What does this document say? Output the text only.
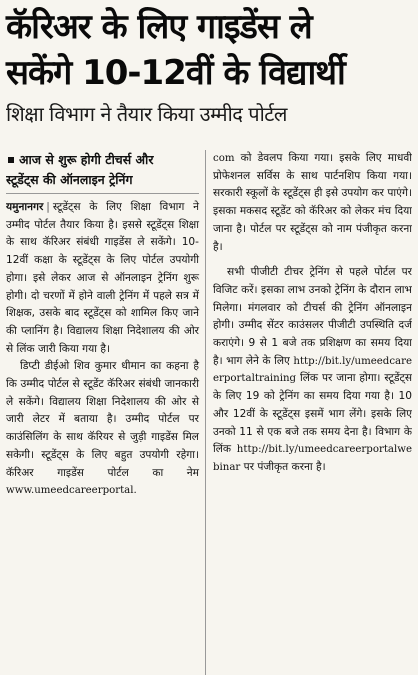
कॅरिअर के लिए गाइडेंस ले
सकेंगे 10-12वीं के विद्यार्थी
शिक्षा विभाग ने तैयार किया उम्मीद पोर्टल
आज से शुरू होगी टीचर्स और
स्टूडेंट्स की ऑनलाइन ट्रेनिंग

यमुनानगर | स्टूडेंट्स के लिए शिक्षा विभाग ने उम्मीद पोर्टल तैयार किया है। इससे स्टूडेंट्स शिक्षा के साथ कॅरिअर संबंधी गाइडेंस ले सकेंगे। 10-12वीं कक्षा के स्टूडेंट्स के लिए पोर्टल उपयोगी होगा। इसे लेकर आज से ऑनलाइन ट्रेनिंग शुरू होगी। दो चरणों में होने वाली ट्रेनिंग में पहले सत्र में शिक्षक, उसके बाद स्टूडेंट्स को शामिल किए जाने की प्लानिंग है। विद्यालय शिक्षा निदेशालय की ओर से लिंक जारी किया गया है।

डिप्टी डीईओ शिव कुमार धीमान का कहना है कि उम्मीद पोर्टल से स्टूडेंट कॅरिअर संबंधी जानकारी ले सकेंगे। विद्यालय शिक्षा निदेशालय की ओर से जारी लेटर में बताया है। उम्मीद पोर्टल पर काउंसिलिंग के साथ कॅरियर से जुड़ी गाइडेंस मिल सकेगी। स्टूडेंट्स के लिए बहुत उपयोगी रहेगा। कॅरिअर गाइडेंस पोर्टल का नेम www.umeedcareerportal.

com को डेवलप किया गया। इसके लिए माधवी प्रोफेशनल सर्विस के साथ पार्टनशिप किया गया। सरकारी स्कूलों के स्टूडेंट्स ही इसे उपयोग कर पाएंगे। इसका मकसद स्टूडेंट को कॅरिअर को लेकर मंच दिया जाना है। पोर्टल पर स्टूडेंट्स को नाम पंजीकृत करना है।

सभी पीजीटी टीचर ट्रेनिंग से पहले पोर्टल पर विजिट करें। इसका लाभ उनको ट्रेनिंग के दौरान लाभ मिलेगा। मंगलवार को टीचर्स की ट्रेनिंग ऑनलाइन होगी। उम्मीद सेंटर काउंसलर पीजीटी उपस्थिति दर्ज कराएंगे। 9 से 1 बजे तक प्रशिक्षण का समय दिया है। भाग लेने के लिए http://bit.ly/umeedcareerportaltraining लिंक पर जाना होगा। स्टूडेंट्स के लिए 19 को ट्रेनिंग का समय दिया गया है। 10 और 12वीं के स्टूडेंट्स इसमें भाग लेंगे। इसके लिए उनको 11 से एक बजे तक समय देना है। विभाग के लिंक http://bit.ly/umeedcareerportalwebinar पर पंजीकृत करना है।
